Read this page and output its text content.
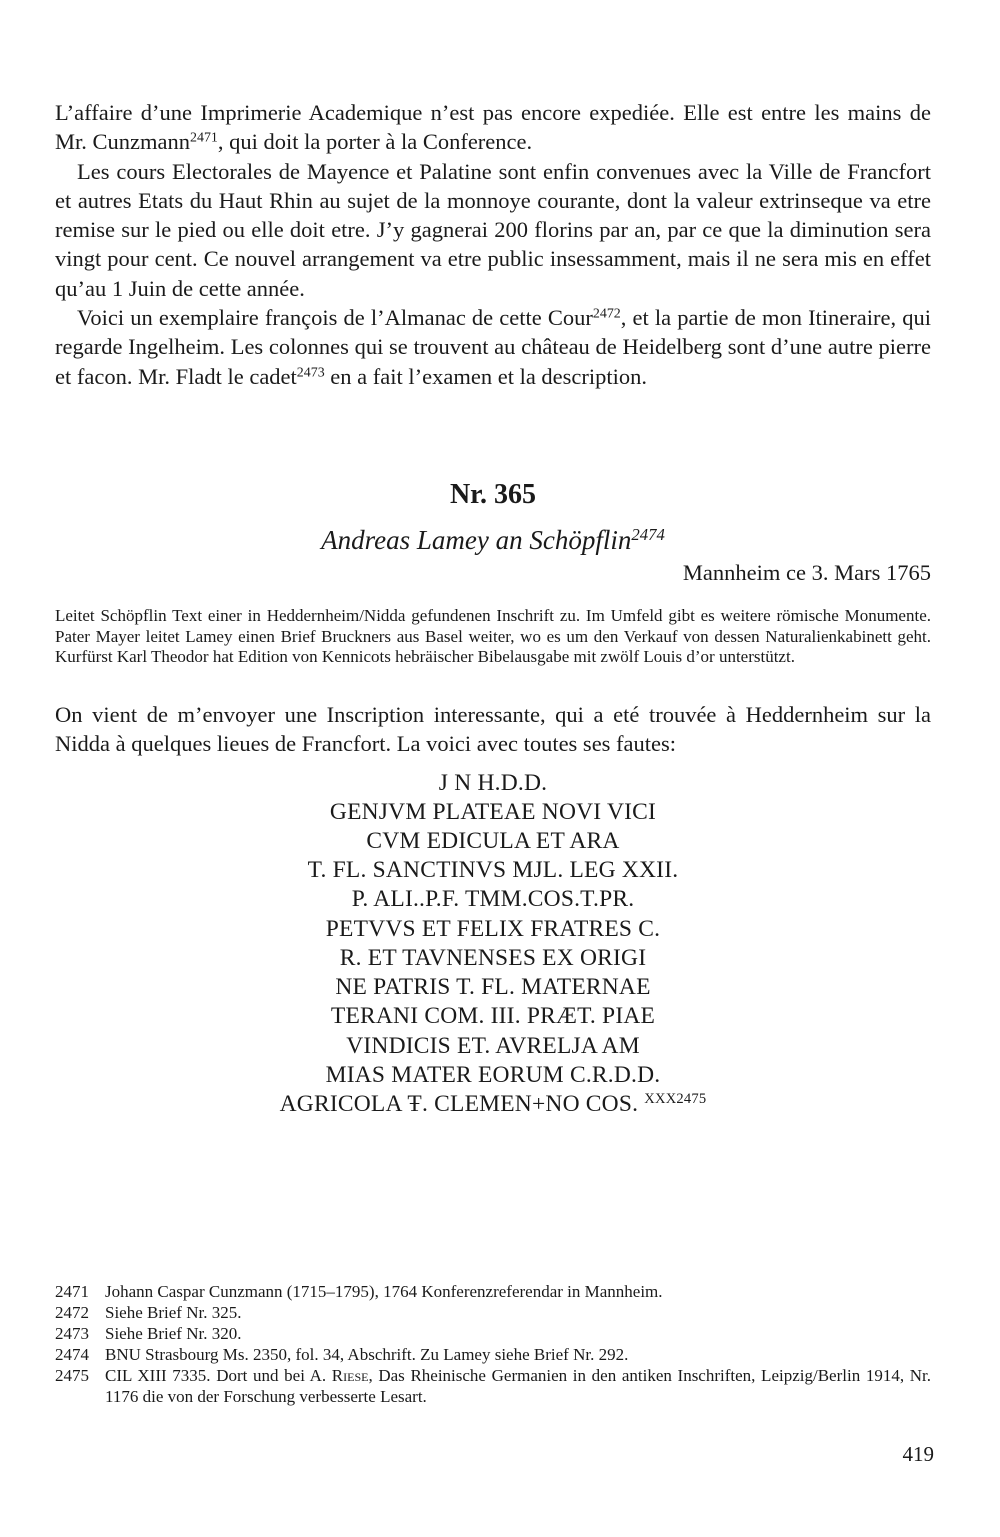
L’affaire d’une Imprimerie Academique n’est pas encore expediée. Elle est entre les mains de Mr. Cunzmann$^{2471}$, qui doit la porter à la Conference.

Les cours Electorales de Mayence et Palatine sont enfin convenues avec la Ville de Francfort et autres Etats du Haut Rhin au sujet de la monnoye courante, dont la valeur extrinseque va etre remise sur le pied ou elle doit etre. J’y gagnerai 200 florins par an, par ce que la diminution sera vingt pour cent. Ce nouvel arrangement va etre public insessamment, mais il ne sera mis en effet qu’au 1 Juin de cette année.

Voici un exemplaire françois de l’Almanac de cette Cour$^{2472}$, et la partie de mon Itineraire, qui regarde Ingelheim. Les colonnes qui se trouvent au château de Heidelberg sont d’une autre pierre et facon. Mr. Fladt le cadet$^{2473}$ en a fait l’examen et la description.

Nr. 365
Andreas Lamey an Schöpflin$^{2474}$
Mannheim ce 3. Mars 1765

Leitet Schöpflin Text einer in Heddernheim/Nidda gefundenen Inschrift zu. Im Umfeld gibt es weitere römische Monumente. Pater Mayer leitet Lamey einen Brief Bruckners aus Basel weiter, wo es um den Verkauf von dessen Naturalienkabinett geht. Kurfürst Karl Theodor hat Edition von Kennicots hebräischer Bibelausgabe mit zwölf Louis d’or unterstützt.

On vient de m’envoyer une Inscription interessante, qui a eté trouvée à Heddernheim sur la Nidda à quelques lieues de Francfort. La voici avec toutes ses fautes:

J N H.D.D.
GENJVM PLATEAE NOVI VICI
CVM EDICULA ET ARA
T. FL. SANCTINVS MJL. LEG XXII.
P. ALI..P.F. TMM.COS.T.PR.
PETVVS ET FELIX FRATRES C.
R. ET TAVNENSES EX ORIGI
NE PATRIS T. FL. MATERNAE
TERANI COM. III. PRÆT. PIAE
VINDICIS ET. AVRELJA AM
MIAS MATER EORUM C.R.D.D.
AGRICOLA Ŧ. CLEMEN+NO COS. $^{XXX2475}$
2471 Johann Caspar Cunzmann (1715–1795), 1764 Konferenzreferendar in Mannheim.
2472 Siehe Brief Nr. 325.
2473 Siehe Brief Nr. 320.
2474 BNU Strasbourg Ms. 2350, fol. 34, Abschrift. Zu Lamey siehe Brief Nr. 292.
2475 CIL XIII 7335. Dort und bei A. Riese, Das Rheinische Germanien in den antiken Inschriften, Leipzig/Berlin 1914, Nr. 1176 die von der Forschung verbesserte Lesart.
419
